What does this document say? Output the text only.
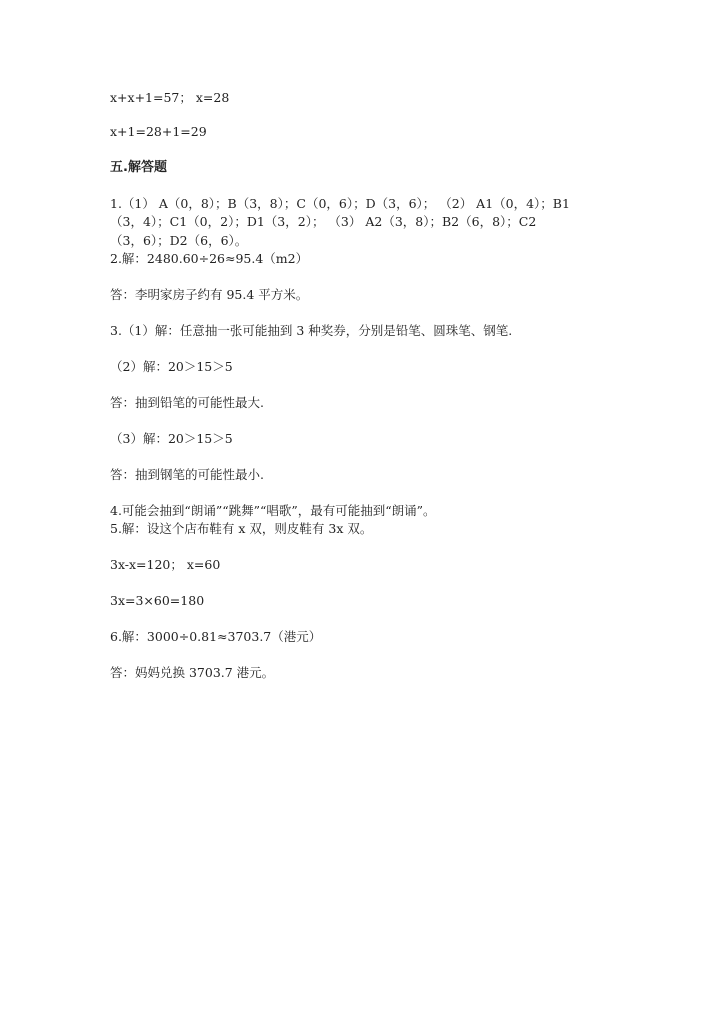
x+x+1=57； x=28
x+1=28+1=29
五.解答题
1.（1） A（0，8）；B（3，8）；C（0，6）；D（3，6）； （2） A1（0，4）；B1
（3，4）；C1（0，2）；D1（3，2）； （3） A2（3，8）；B2（6，8）；C2
（3，6）；D2（6，6）。
2.解：2480.60÷26≈95.4（m2）
答：李明家房子约有 95.4 平方米。
3.（1）解：任意抽一张可能抽到 3 种奖券，分别是铅笔、圆珠笔、钢笔.
（2）解：20＞15＞5
答：抽到铅笔的可能性最大.
（3）解：20＞15＞5
答：抽到钢笔的可能性最小.
4.可能会抽到“朗诵”“跳舞”“唱歌”，最有可能抽到“朗诵”。
5.解：设这个店布鞋有 x 双，则皮鞋有 3x 双。
3x-x=120； x=60
3x=3×60=180
6.解：3000÷0.81≈3703.7（港元）
答：妈妈兑换 3703.7 港元。
